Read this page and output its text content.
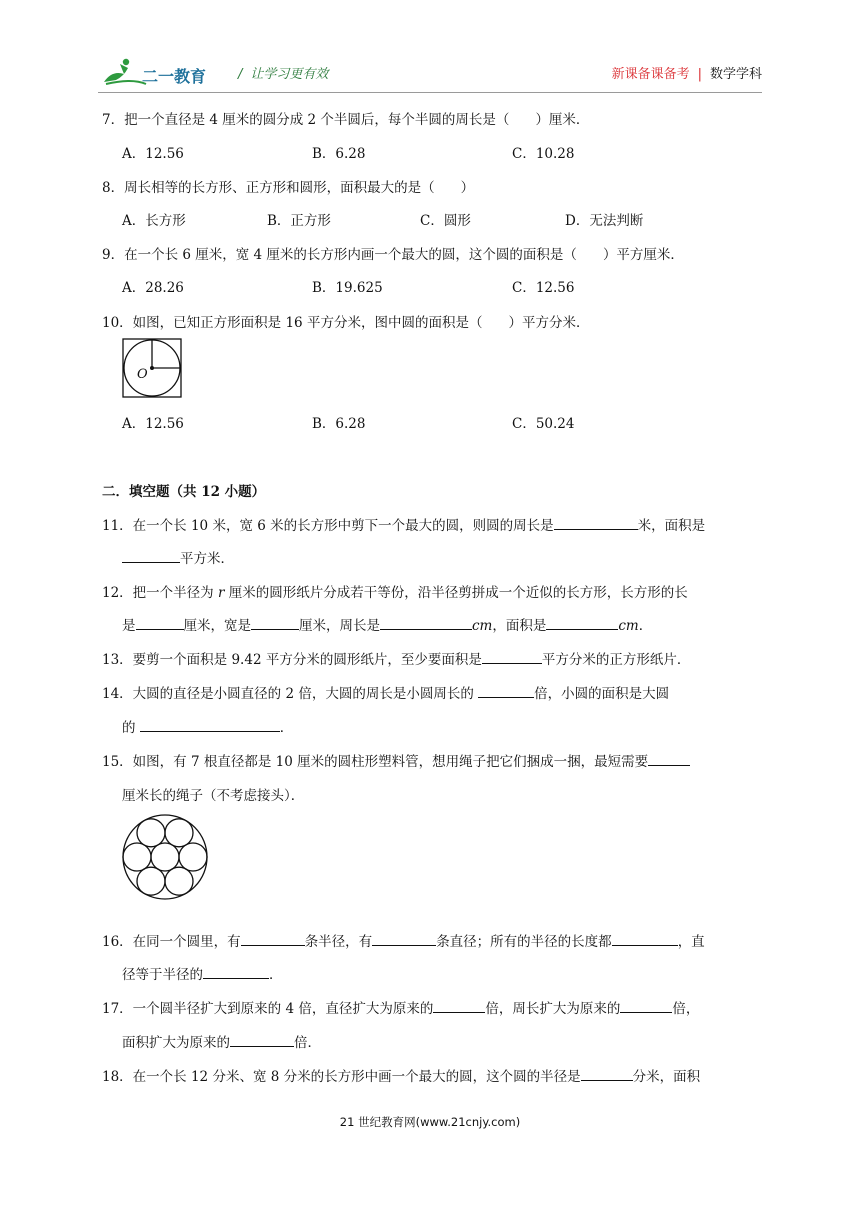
二一教育 / 让学习更有效	新课备课备考 | 数学学科
7．把一个直径是 4 厘米的圆分成 2 个半圆后，每个半圆的周长是（ ）厘米．
A．12.56	B．6.28	C．10.28
8．周长相等的长方形、正方形和圆形，面积最大的是（ ）
A．长方形	B．正方形	C．圆形	D．无法判断
9．在一个长 6 厘米，宽 4 厘米的长方形内画一个最大的圆，这个圆的面积是（ ）平方厘米．
A．28.26	B．19.625	C．12.56
10．如图，已知正方形面积是 16 平方分米，图中圆的面积是（ ）平方分米．
O
A．12.56	B．6.28	C．50.24
二．填空题（共 12 小题）
11．在一个长 10 米，宽 6 米的长方形中剪下一个最大的圆，则圆的周长是	米，面积是
平方米．
12．把一个半径为 r 厘米的圆形纸片分成若干等份，沿半径剪拼成一个近似的长方形，长方形的长
是	厘米，宽是	厘米，周长是	cm，面积是	cm．
13．要剪一个面积是 9.42 平方分米的圆形纸片，至少要面积是	平方分米的正方形纸片．
14．大圆的直径是小圆直径的 2 倍，大圆的周长是小圆周长的	倍，小圆的面积是大圆
的	．
15．如图，有 7 根直径都是 10 厘米的圆柱形塑料管，想用绳子把它们捆成一捆，最短需要
厘米长的绳子（不考虑接头）．
16．在同一个圆里，有	条半径，有	条直径；所有的半径的长度都	，直
径等于半径的	．
17．一个圆半径扩大到原来的 4 倍，直径扩大为原来的	倍，周长扩大为原来的	倍，
面积扩大为原来的	倍．
18．在一个长 12 分米、宽 8 分米的长方形中画一个最大的圆，这个圆的半径是	分米，面积
21 世纪教育网(www.21cnjy.com)
